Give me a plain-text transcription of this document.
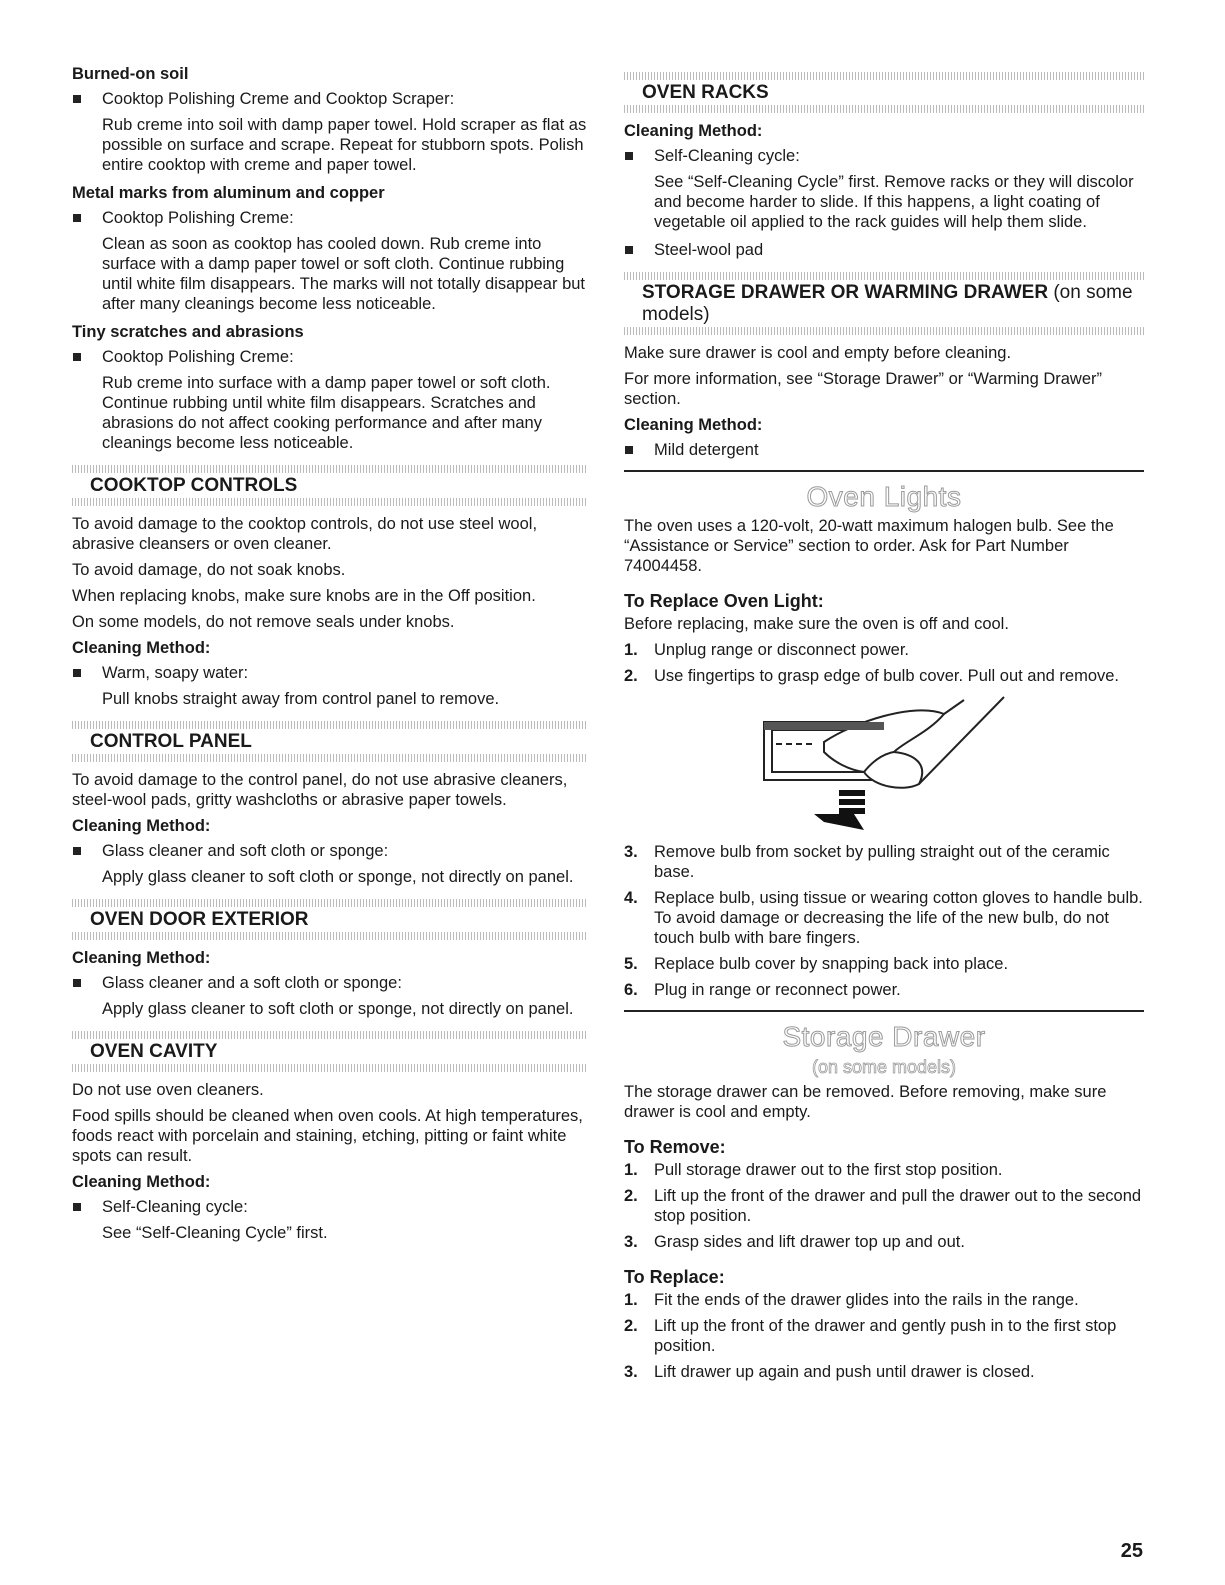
Burned-on soil
Cooktop Polishing Creme and Cooktop Scraper:
Rub creme into soil with damp paper towel. Hold scraper as flat as possible on surface and scrape. Repeat for stubborn spots. Polish entire cooktop with creme and paper towel.
Metal marks from aluminum and copper
Cooktop Polishing Creme:
Clean as soon as cooktop has cooled down. Rub creme into surface with a damp paper towel or soft cloth. Continue rubbing until white film disappears. The marks will not totally disappear but after many cleanings become less noticeable.
Tiny scratches and abrasions
Cooktop Polishing Creme:
Rub creme into surface with a damp paper towel or soft cloth. Continue rubbing until white film disappears. Scratches and abrasions do not affect cooking performance and after many cleanings become less noticeable.
COOKTOP CONTROLS
To avoid damage to the cooktop controls, do not use steel wool, abrasive cleansers or oven cleaner.
To avoid damage, do not soak knobs.
When replacing knobs, make sure knobs are in the Off position.
On some models, do not remove seals under knobs.
Cleaning Method:
Warm, soapy water:
Pull knobs straight away from control panel to remove.
CONTROL PANEL
To avoid damage to the control panel, do not use abrasive cleaners, steel-wool pads, gritty washcloths or abrasive paper towels.
Cleaning Method:
Glass cleaner and soft cloth or sponge:
Apply glass cleaner to soft cloth or sponge, not directly on panel.
OVEN DOOR EXTERIOR
Cleaning Method:
Glass cleaner and a soft cloth or sponge:
Apply glass cleaner to soft cloth or sponge, not directly on panel.
OVEN CAVITY
Do not use oven cleaners.
Food spills should be cleaned when oven cools. At high temperatures, foods react with porcelain and staining, etching, pitting or faint white spots can result.
Cleaning Method:
Self-Cleaning cycle:
See “Self-Cleaning Cycle” first.
OVEN RACKS
Cleaning Method:
Self-Cleaning cycle:
See “Self-Cleaning Cycle” first. Remove racks or they will discolor and become harder to slide. If this happens, a light coating of vegetable oil applied to the rack guides will help them slide.
Steel-wool pad
STORAGE DRAWER OR WARMING DRAWER (on some models)
Make sure drawer is cool and empty before cleaning.
For more information, see “Storage Drawer” or “Warming Drawer” section.
Cleaning Method:
Mild detergent
Oven Lights
The oven uses a 120-volt, 20-watt maximum halogen bulb. See the “Assistance or Service” section to order. Ask for Part Number 74004458.
To Replace Oven Light:
Before replacing, make sure the oven is off and cool.
1. Unplug range or disconnect power.
2. Use fingertips to grasp edge of bulb cover. Pull out and remove.
3. Remove bulb from socket by pulling straight out of the ceramic base.
4. Replace bulb, using tissue or wearing cotton gloves to handle bulb. To avoid damage or decreasing the life of the new bulb, do not touch bulb with bare fingers.
5. Replace bulb cover by snapping back into place.
6. Plug in range or reconnect power.
Storage Drawer
(on some models)
The storage drawer can be removed. Before removing, make sure drawer is cool and empty.
To Remove:
1. Pull storage drawer out to the first stop position.
2. Lift up the front of the drawer and pull the drawer out to the second stop position.
3. Grasp sides and lift drawer top up and out.
To Replace:
1. Fit the ends of the drawer glides into the rails in the range.
2. Lift up the front of the drawer and gently push in to the first stop position.
3. Lift drawer up again and push until drawer is closed.
25
